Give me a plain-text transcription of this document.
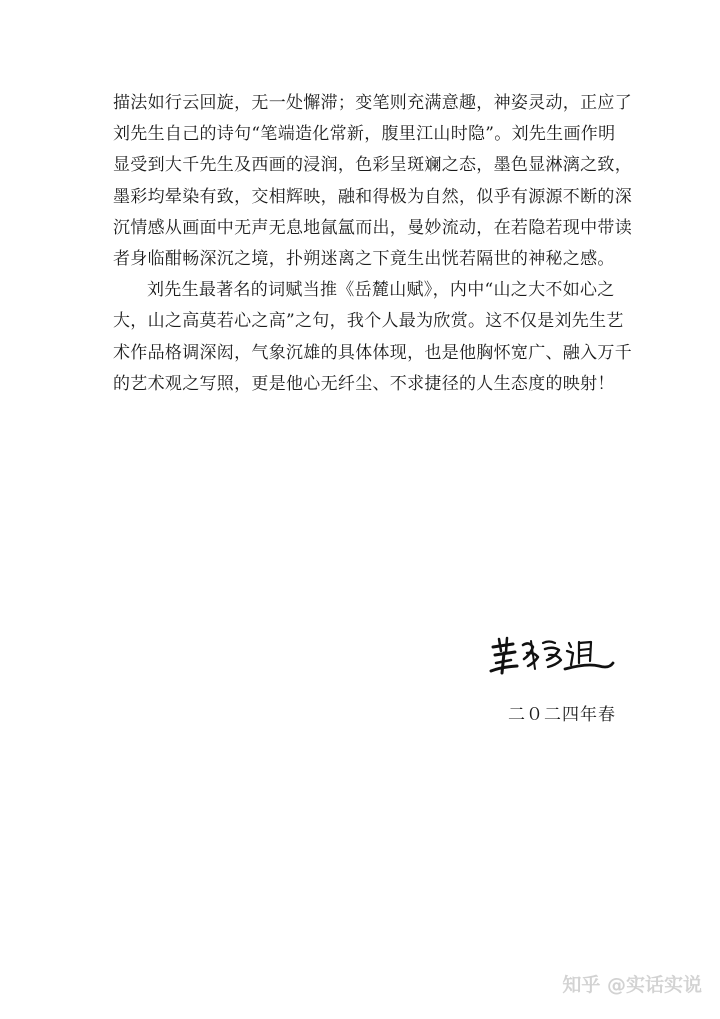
描法如行云回旋，无一处懈滞；变笔则充满意趣，神姿灵动，正应了
刘先生自己的诗句“笔端造化常新，腹里江山时隐”。刘先生画作明
显受到大千先生及西画的浸润，色彩呈斑斓之态，墨色显淋漓之致，
墨彩均晕染有致，交相辉映，融和得极为自然，似乎有源源不断的深
沉情感从画面中无声无息地氤氲而出，曼妙流动，在若隐若现中带读
者身临酣畅深沉之境，扑朔迷离之下竟生出恍若隔世的神秘之感。

刘先生最著名的词赋当推《岳麓山赋》，内中“山之大不如心之
大，山之高莫若心之高”之句，我个人最为欣赏。这不仅是刘先生艺
术作品格调深闳，气象沉雄的具体体现，也是他胸怀宽广、融入万千
的艺术观之写照，更是他心无纤尘、不求捷径的人生态度的映射！

二０二四年春
知乎 @实话实说
